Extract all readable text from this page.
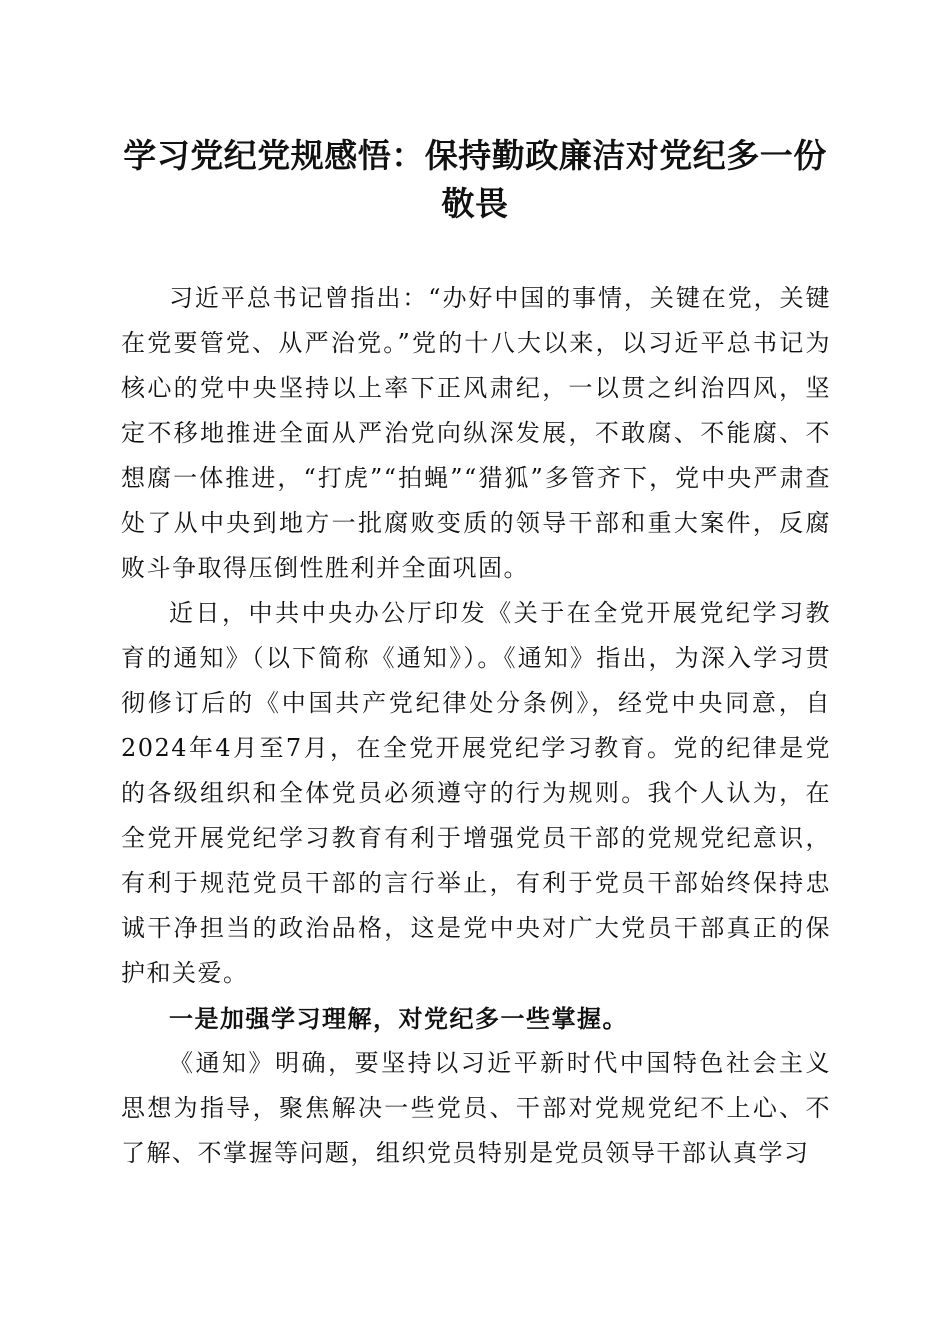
学习党纪党规感悟：保持勤政廉洁对党纪多一份敬畏

习近平总书记曾指出：“办好中国的事情，关键在党，关键在党要管党、从严治党。”党的十八大以来，以习近平总书记为核心的党中央坚持以上率下正风肃纪，一以贯之纠治四风，坚定不移地推进全面从严治党向纵深发展，不敢腐、不能腐、不想腐一体推进，“打虎”“拍蝇”“猎狐”多管齐下，党中央严肃查处了从中央到地方一批腐败变质的领导干部和重大案件，反腐败斗争取得压倒性胜利并全面巩固。

近日，中共中央办公厅印发《关于在全党开展党纪学习教育的通知》（以下简称《通知》）。《通知》指出，为深入学习贯彻修订后的《中国共产党纪律处分条例》，经党中央同意，自2024年4月至7月，在全党开展党纪学习教育。党的纪律是党的各级组织和全体党员必须遵守的行为规则。我个人认为，在全党开展党纪学习教育有利于增强党员干部的党规党纪意识，有利于规范党员干部的言行举止，有利于党员干部始终保持忠诚干净担当的政治品格，这是党中央对广大党员干部真正的保护和关爱。

一是加强学习理解，对党纪多一些掌握。

《通知》明确，要坚持以习近平新时代中国特色社会主义思想为指导，聚焦解决一些党员、干部对党规党纪不上心、不了解、不掌握等问题，组织党员特别是党员领导干部认真学习
